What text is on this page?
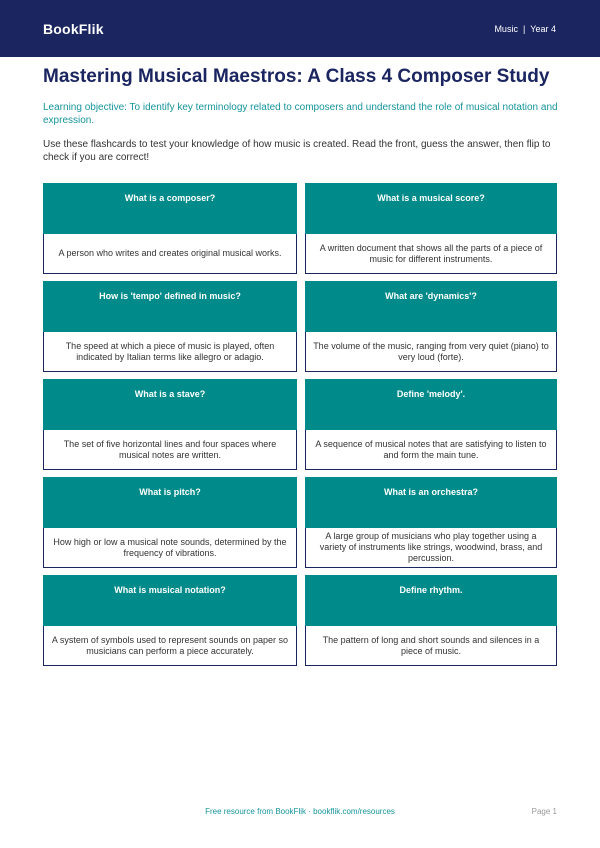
BookFlik	Music | Year 4
Mastering Musical Maestros: A Class 4 Composer Study

Learning objective: To identify key terminology related to composers and understand the role of musical notation and expression.

Use these flashcards to test your knowledge of how music is created. Read the front, guess the answer, then flip to check if you are correct!

What is a composer?
A person who writes and creates original musical works.
What is a musical score?
A written document that shows all the parts of a piece of music for different instruments.
How is 'tempo' defined in music?
The speed at which a piece of music is played, often indicated by Italian terms like allegro or adagio.
What are 'dynamics'?
The volume of the music, ranging from very quiet (piano) to very loud (forte).
What is a stave?
The set of five horizontal lines and four spaces where musical notes are written.
Define 'melody'.
A sequence of musical notes that are satisfying to listen to and form the main tune.
What is pitch?
How high or low a musical note sounds, determined by the frequency of vibrations.
What is an orchestra?
A large group of musicians who play together using a variety of instruments like strings, woodwind, brass, and percussion.
What is musical notation?
A system of symbols used to represent sounds on paper so musicians can perform a piece accurately.
Define rhythm.
The pattern of long and short sounds and silences in a piece of music.
Free resource from BookFlik · bookflik.com/resources	Page 1
